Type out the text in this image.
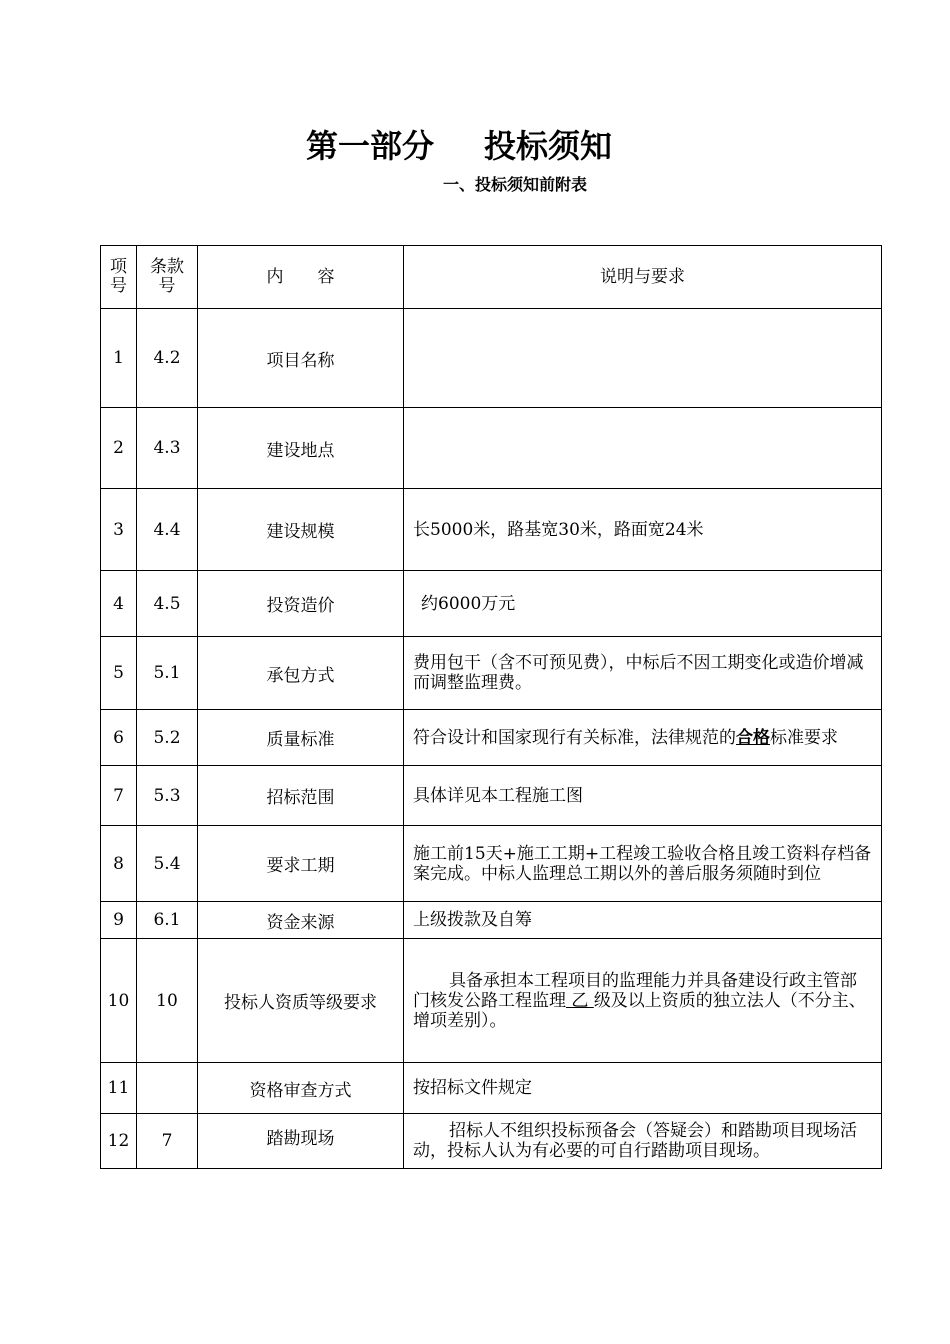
第一部分 投标须知
一、投标须知前附表
项号	条款号	内　　容	说明与要求
1	4.2	项目名称	
2	4.3	建设地点	
3	4.4	建设规模	长5000米，路基宽30米，路面宽24米
4	4.5	投资造价	约6000万元
5	5.1	承包方式	费用包干（含不可预见费），中标后不因工期变化或造价增减而调整监理费。
6	5.2	质量标准	符合设计和国家现行有关标准，法律规范的合格标准要求
7	5.3	招标范围	具体详见本工程施工图
8	5.4	要求工期	施工前15天+施工工期+工程竣工验收合格且竣工资料存档备案完成。中标人监理总工期以外的善后服务须随时到位
9	6.1	资金来源	上级拨款及自筹
10	10	投标人资质等级要求	具备承担本工程项目的监理能力并具备建设行政主管部门核发公路工程监理 乙 级及以上资质的独立法人（不分主、增项差别）。
11		资格审查方式	按招标文件规定
12	7	踏勘现场	招标人不组织投标预备会（答疑会）和踏勘项目现场活动，投标人认为有必要的可自行踏勘项目现场。
